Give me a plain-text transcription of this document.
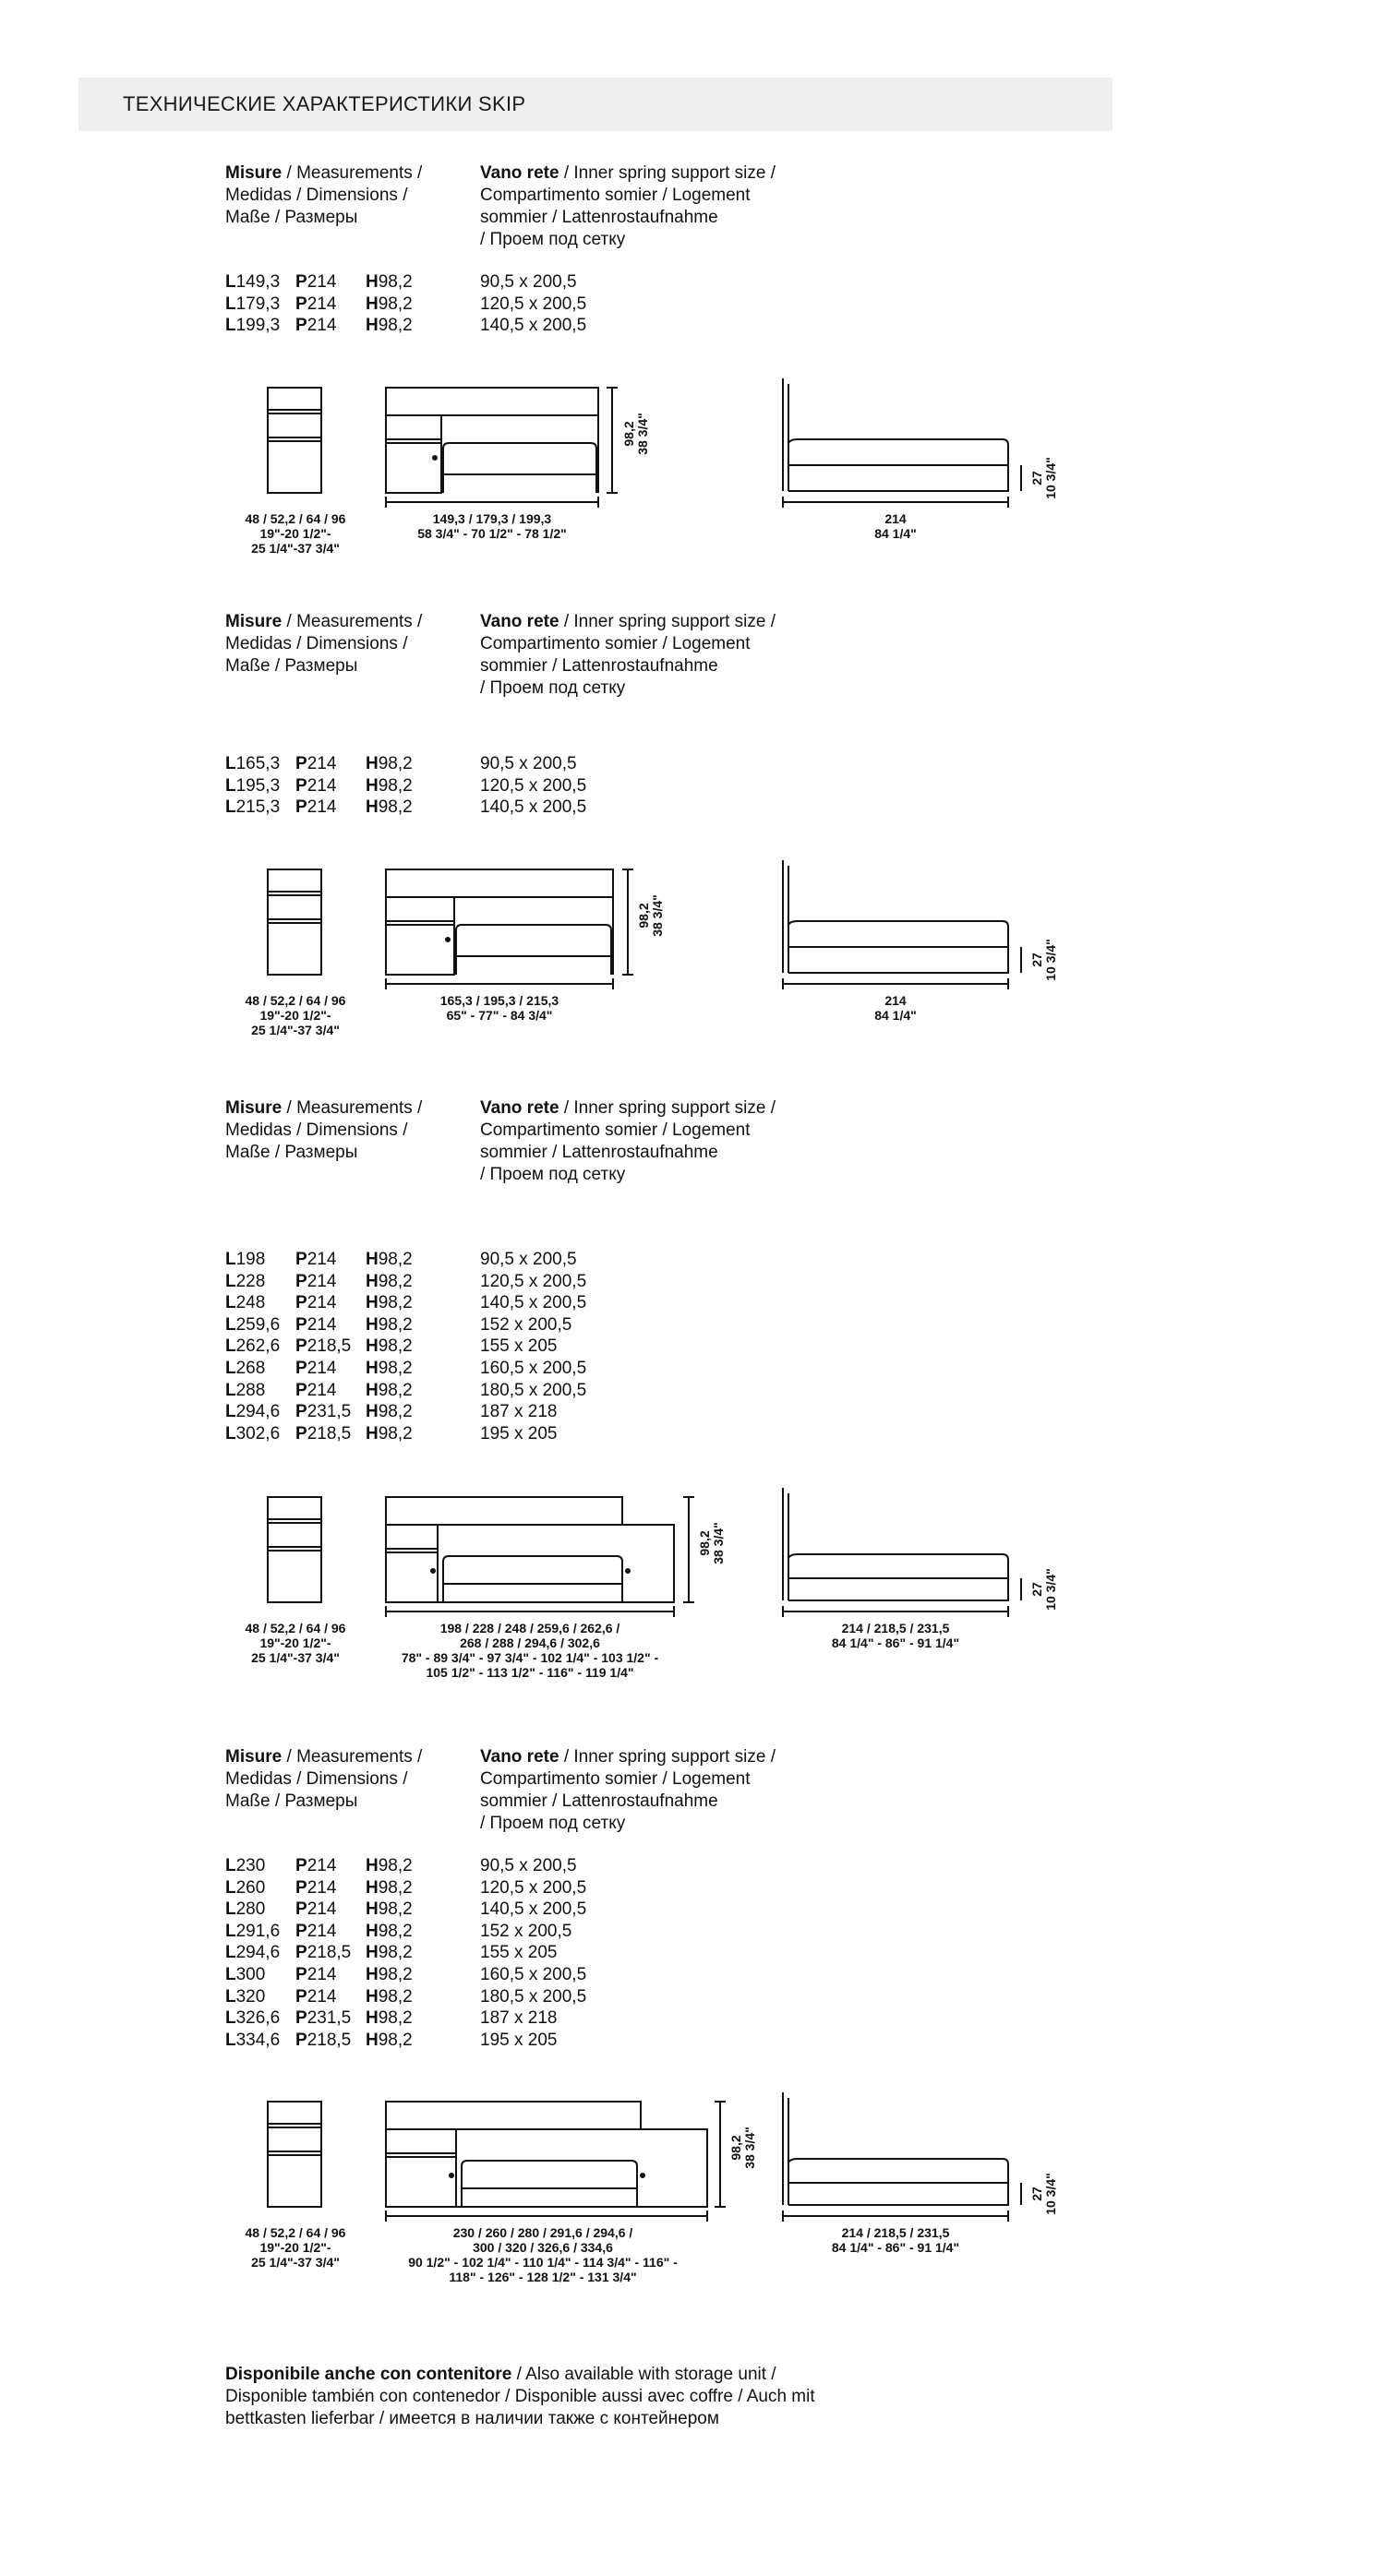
ТЕХНИЧЕСКИЕ ХАРАКТЕРИСТИКИ SKIP
Misure / Measurements /
Medidas / Dimensions /
Maße / Размеры
Vano rete / Inner spring support size /
Compartimento somier / Logement
sommier / Lattenrostaufnahme
/ Проем под сетку
L 149,3 P 214 H 98,2	90,5 x 200,5
L 179,3 P 214 H 98,2	120,5 x 200,5
L 199,3 P 214 H 98,2	140,5 x 200,5
48 / 52,2 / 64 / 96
19"-20 1/2"-
25 1/4"-37 3/4"
149,3 / 179,3 / 199,3
58 3/4" - 70 1/2" - 78 1/2"
98,2 38 3/4"
214
84 1/4"
27 10 3/4"
Misure / Measurements /
Medidas / Dimensions /
Maße / Размеры
Vano rete / Inner spring support size /
Compartimento somier / Logement
sommier / Lattenrostaufnahme
/ Проем под сетку
L 165,3 P 214 H 98,2	90,5 x 200,5
L 195,3 P 214 H 98,2	120,5 x 200,5
L 215,3 P 214 H 98,2	140,5 x 200,5
48 / 52,2 / 64 / 96
19"-20 1/2"-
25 1/4"-37 3/4"
165,3 / 195,3 / 215,3
65" - 77" - 84 3/4"
98,2 38 3/4"
214
84 1/4"
27 10 3/4"
Misure / Measurements /
Medidas / Dimensions /
Maße / Размеры
Vano rete / Inner spring support size /
Compartimento somier / Logement
sommier / Lattenrostaufnahme
/ Проем под сетку
L 198 P 214 H 98,2	90,5 x 200,5
L 228 P 214 H 98,2	120,5 x 200,5
L 248 P 214 H 98,2	140,5 x 200,5
L 259,6 P 214 H 98,2	152 x 200,5
L 262,6 P 218,5 H 98,2	155 x 205
L 268 P 214 H 98,2	160,5 x 200,5
L 288 P 214 H 98,2	180,5 x 200,5
L 294,6 P 231,5 H 98,2	187 x 218
L 302,6 P 218,5 H 98,2	195 x 205
48 / 52,2 / 64 / 96
19"-20 1/2"-
25 1/4"-37 3/4"
198 / 228 / 248 / 259,6 / 262,6 /
268 / 288 / 294,6 / 302,6
78" - 89 3/4" - 97 3/4" - 102 1/4" - 103 1/2" -
105 1/2" - 113 1/2" - 116" - 119 1/4"
98,2 38 3/4"
214 / 218,5 / 231,5
84 1/4" - 86" - 91 1/4"
27 10 3/4"
Misure / Measurements /
Medidas / Dimensions /
Maße / Размеры
Vano rete / Inner spring support size /
Compartimento somier / Logement
sommier / Lattenrostaufnahme
/ Проем под сетку
L 230 P 214 H 98,2	90,5 x 200,5
L 260 P 214 H 98,2	120,5 x 200,5
L 280 P 214 H 98,2	140,5 x 200,5
L 291,6 P 214 H 98,2	152 x 200,5
L 294,6 P 218,5 H 98,2	155 x 205
L 300 P 214 H 98,2	160,5 x 200,5
L 320 P 214 H 98,2	180,5 x 200,5
L 326,6 P 231,5 H 98,2	187 x 218
L 334,6 P 218,5 H 98,2	195 x 205
48 / 52,2 / 64 / 96
19"-20 1/2"-
25 1/4"-37 3/4"
230 / 260 / 280 / 291,6 / 294,6 /
300 / 320 / 326,6 / 334,6
90 1/2" - 102 1/4" - 110 1/4" - 114 3/4" - 116" -
118" - 126" - 128 1/2" - 131 3/4"
98,2 38 3/4"
214 / 218,5 / 231,5
84 1/4" - 86" - 91 1/4"
27 10 3/4"
Disponibile anche con contenitore / Also available with storage unit /
Disponible también con contenedor / Disponible aussi avec coffre / Auch mit
bettkasten lieferbar / имеется в наличии также с контейнером
